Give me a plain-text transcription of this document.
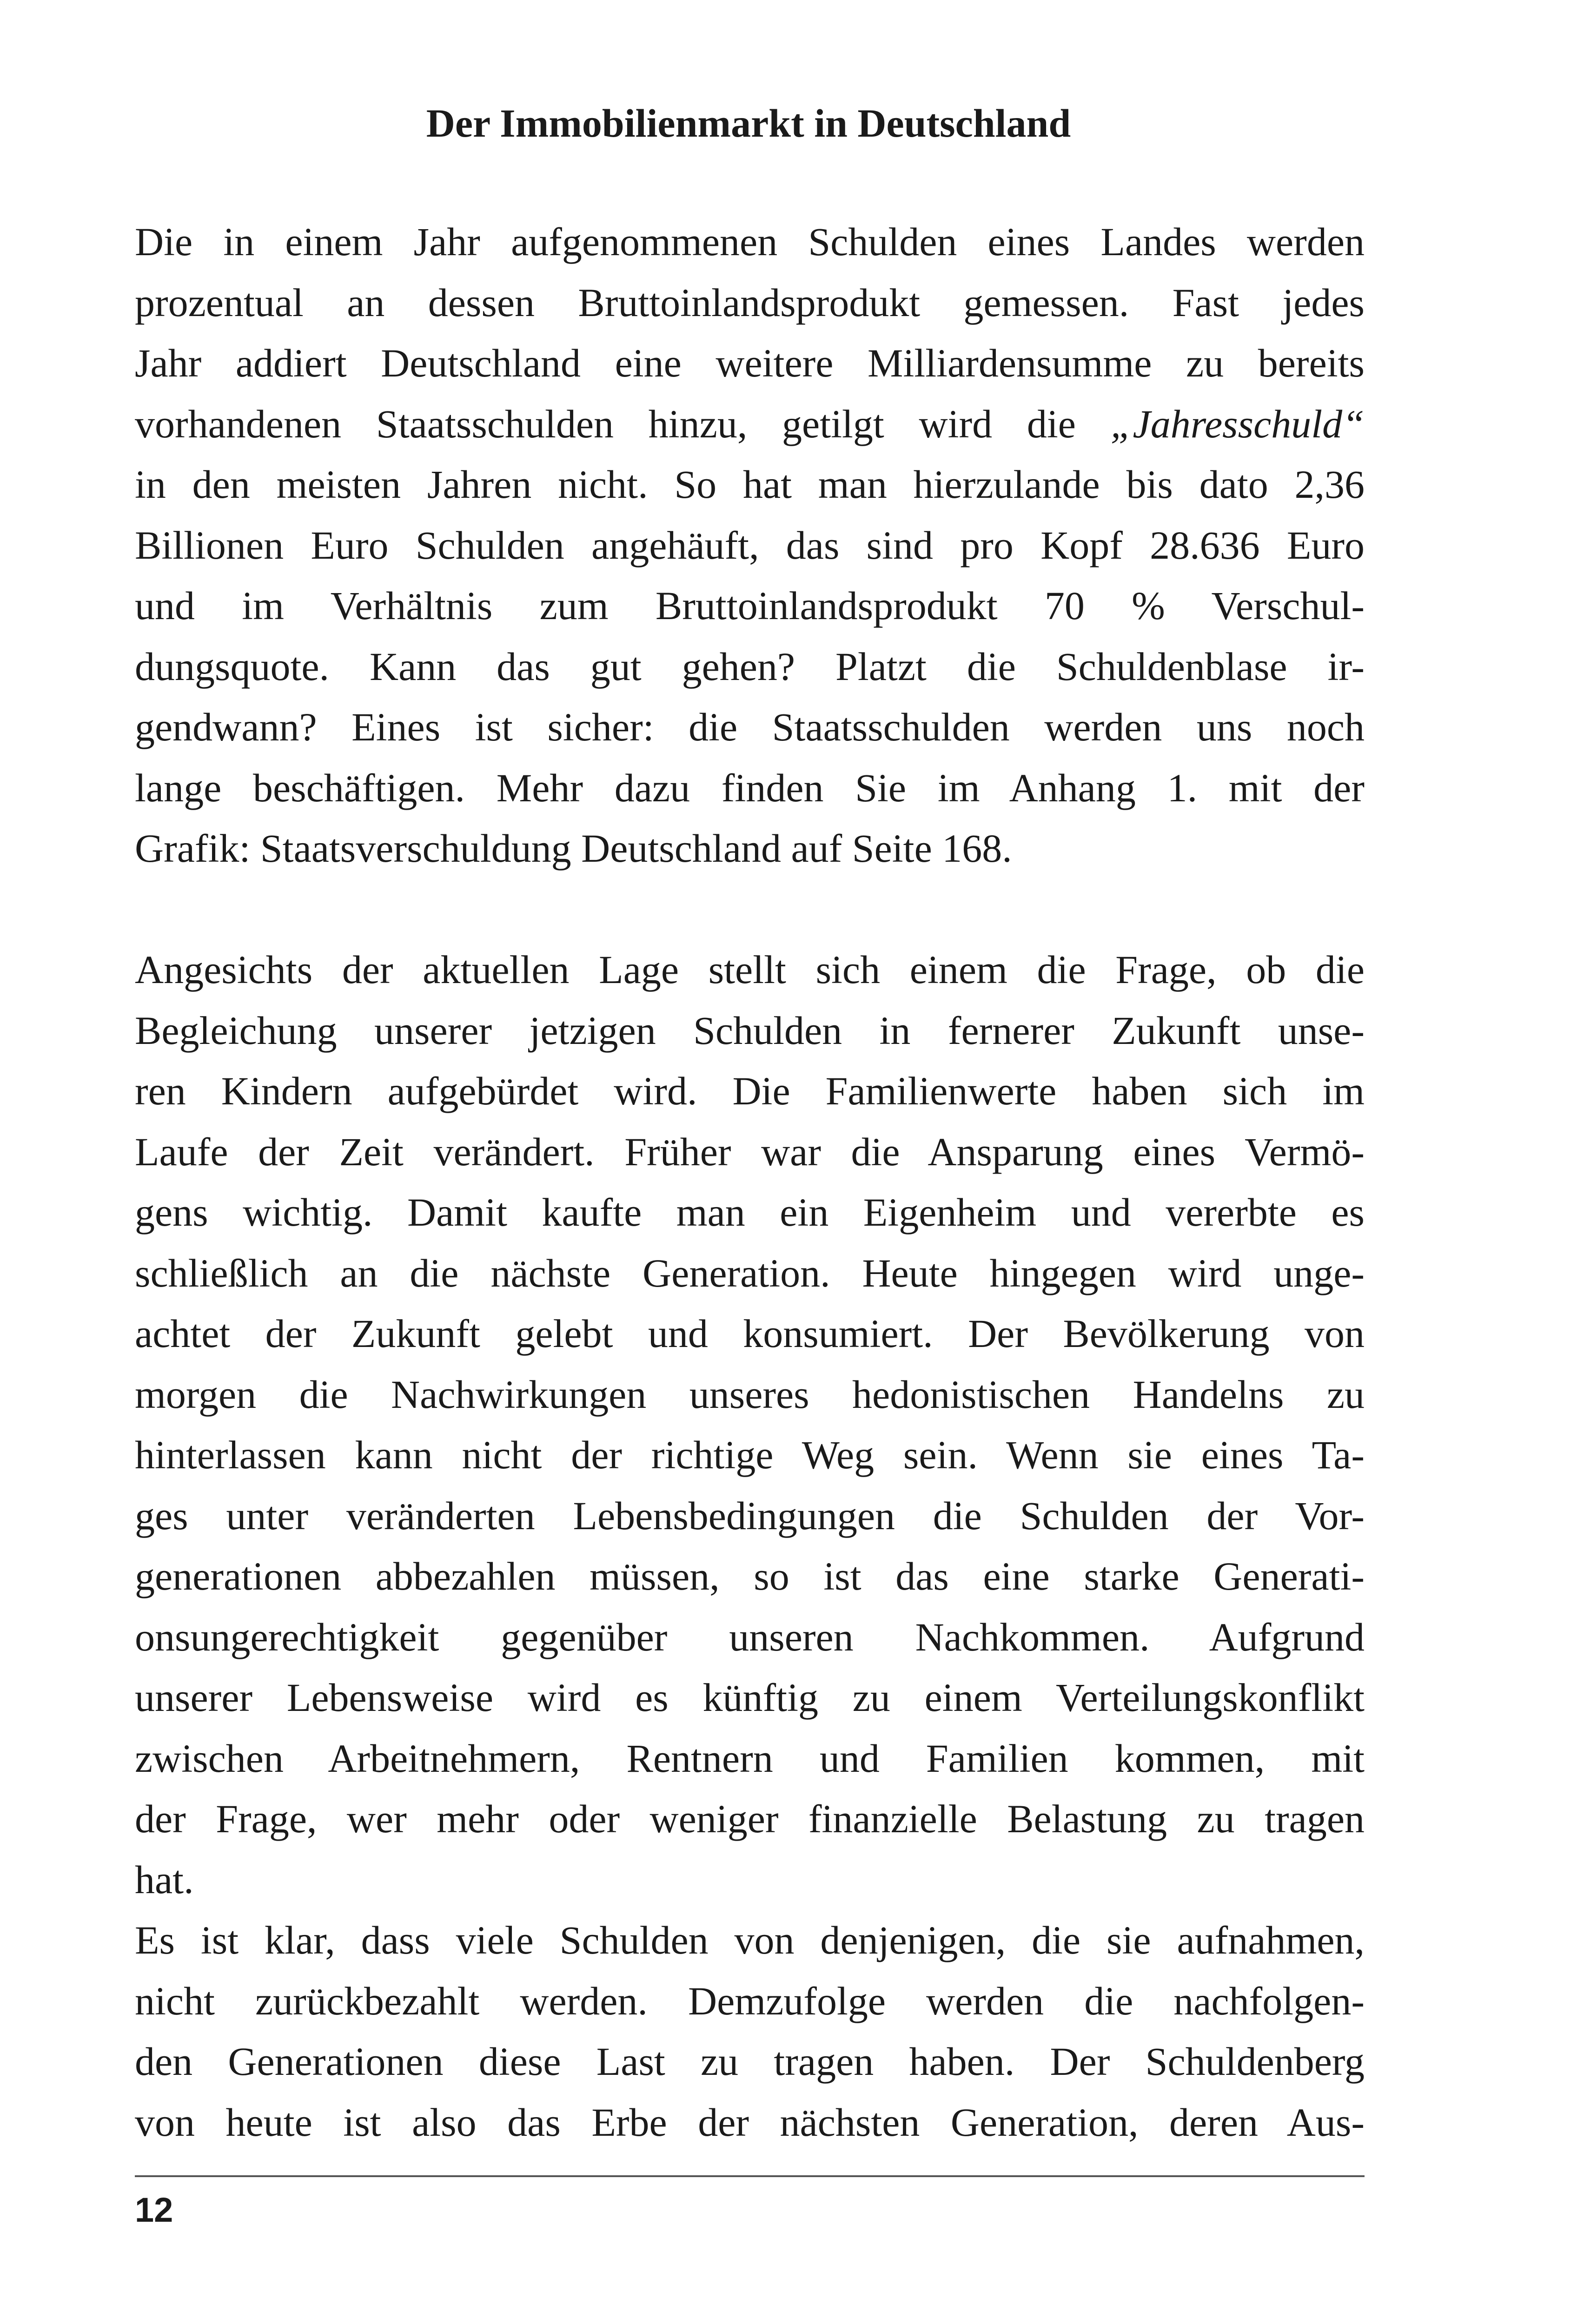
Der Immobilienmarkt in Deutschland
Die in einem Jahr aufgenommenen Schulden eines Landes werden
prozentual an dessen Bruttoinlandsprodukt gemessen. Fast jedes
Jahr addiert Deutschland eine weitere Milliardensumme zu bereits
vorhandenen Staatsschulden hinzu, getilgt wird die „Jahresschuld“
in den meisten Jahren nicht. So hat man hierzulande bis dato 2,36
Billionen Euro Schulden angehäuft, das sind pro Kopf 28.636 Euro
und im Verhältnis zum Bruttoinlandsprodukt 70 % Verschul-
dungsquote. Kann das gut gehen? Platzt die Schuldenblase ir-
gendwann? Eines ist sicher: die Staatsschulden werden uns noch
lange beschäftigen. Mehr dazu finden Sie im Anhang 1. mit der
Grafik: Staatsverschuldung Deutschland auf Seite 168.
Angesichts der aktuellen Lage stellt sich einem die Frage, ob die
Begleichung unserer jetzigen Schulden in fernerer Zukunft unse-
ren Kindern aufgebürdet wird. Die Familienwerte haben sich im
Laufe der Zeit verändert. Früher war die Ansparung eines Vermö-
gens wichtig. Damit kaufte man ein Eigenheim und vererbte es
schließlich an die nächste Generation. Heute hingegen wird unge-
achtet der Zukunft gelebt und konsumiert. Der Bevölkerung von
morgen die Nachwirkungen unseres hedonistischen Handelns zu
hinterlassen kann nicht der richtige Weg sein. Wenn sie eines Ta-
ges unter veränderten Lebensbedingungen die Schulden der Vor-
generationen abbezahlen müssen, so ist das eine starke Generati-
onsungerechtigkeit gegenüber unseren Nachkommen. Aufgrund
unserer Lebensweise wird es künftig zu einem Verteilungskonflikt
zwischen Arbeitnehmern, Rentnern und Familien kommen, mit
der Frage, wer mehr oder weniger finanzielle Belastung zu tragen
hat.
Es ist klar, dass viele Schulden von denjenigen, die sie aufnahmen,
nicht zurückbezahlt werden. Demzufolge werden die nachfolgen-
den Generationen diese Last zu tragen haben. Der Schuldenberg
von heute ist also das Erbe der nächsten Generation, deren Aus-
12
